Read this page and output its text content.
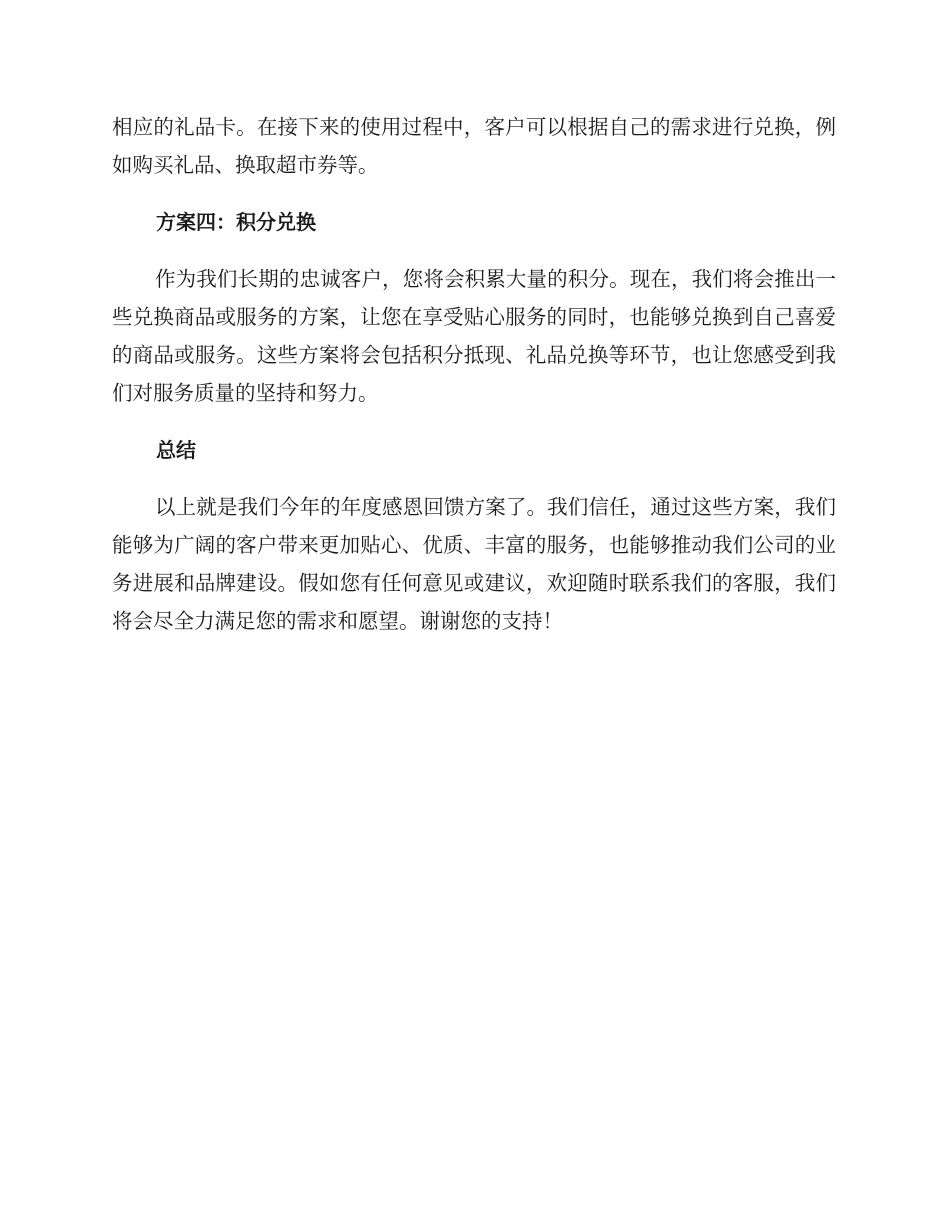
相应的礼品卡。在接下来的使用过程中，客户可以根据自己的需求进行兑换，例如购买礼品、换取超市券等。

方案四：积分兑换

作为我们长期的忠诚客户，您将会积累大量的积分。现在，我们将会推出一些兑换商品或服务的方案，让您在享受贴心服务的同时，也能够兑换到自己喜爱的商品或服务。这些方案将会包括积分抵现、礼品兑换等环节，也让您感受到我们对服务质量的坚持和努力。

总结

以上就是我们今年的年度感恩回馈方案了。我们信任，通过这些方案，我们能够为广阔的客户带来更加贴心、优质、丰富的服务，也能够推动我们公司的业务进展和品牌建设。假如您有任何意见或建议，欢迎随时联系我们的客服，我们将会尽全力满足您的需求和愿望。谢谢您的支持！
